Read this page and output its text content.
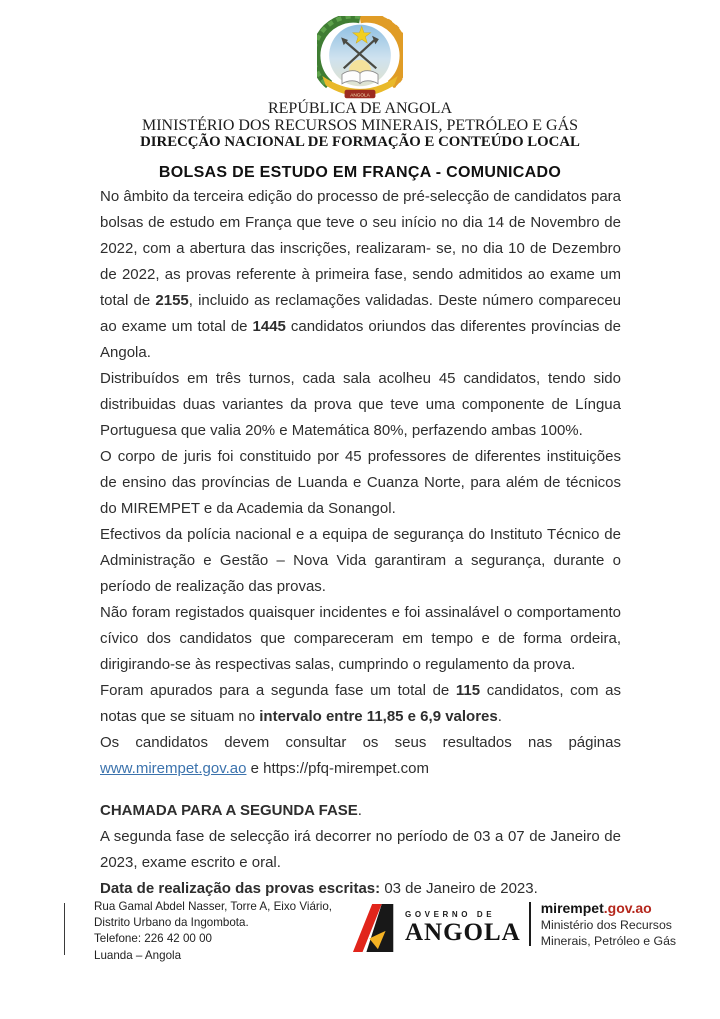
ANGOLA
REPÚBLICA DE ANGOLA
MINISTÉRIO DOS RECURSOS MINERAIS, PETRÓLEO E GÁS
DIRECÇÃO NACIONAL DE FORMAÇÃO E CONTEÚDO LOCAL
BOLSAS DE ESTUDO EM FRANÇA - COMUNICADO

No âmbito da terceira edição do processo de pré-selecção de candidatos para bolsas de estudo em França que teve o seu início no dia 14 de Novembro de 2022, com a abertura das inscrições, realizaram- se, no dia 10 de Dezembro de 2022, as provas referente à primeira fase, sendo admitidos ao exame um total de 2155, incluido as reclamações validadas. Deste número compareceu ao exame um total de 1445 candidatos oriundos das diferentes províncias de Angola.

Distribuídos em três turnos, cada sala acolheu 45 candidatos, tendo sido distribuidas duas variantes da prova que teve uma componente de Língua Portuguesa que valia 20% e Matemática 80%, perfazendo ambas 100%.

O corpo de juris foi constituido por 45 professores de diferentes instituições de ensino das províncias de Luanda e Cuanza Norte, para além de técnicos do MIREMPET e da Academia da Sonangol.

Efectivos da polícia nacional e a equipa de segurança do Instituto Técnico de Administração e Gestão – Nova Vida garantiram a segurança, durante o período de realização das provas.

Não foram registados quaisquer incidentes e foi assinalável o comportamento cívico dos candidatos que compareceram em tempo e de forma ordeira, dirigirando-se às respectivas salas, cumprindo o regulamento da prova.

Foram apurados para a segunda fase um total de 115 candidatos, com as notas que se situam no intervalo entre 11,85 e 6,9 valores.

Os candidatos devem consultar os seus resultados nas páginas www.mirempet.gov.ao e https://pfq-mirempet.com

CHAMADA PARA A SEGUNDA FASE.

A segunda fase de selecção irá decorrer no período de 03 a 07 de Janeiro de 2023, exame escrito e oral.

Data de realização das provas escritas: 03 de Janeiro de 2023.

Rua Gamal Abdel Nasser, Torre A, Eixo Viário,
Distrito Urbano da Ingombota.
Telefone: 226 42 00 00
Luanda – Angola
GOVERNO DE
ANGOLA
mirempet.gov.ao
Ministério dos Recursos
Minerais, Petróleo e Gás
